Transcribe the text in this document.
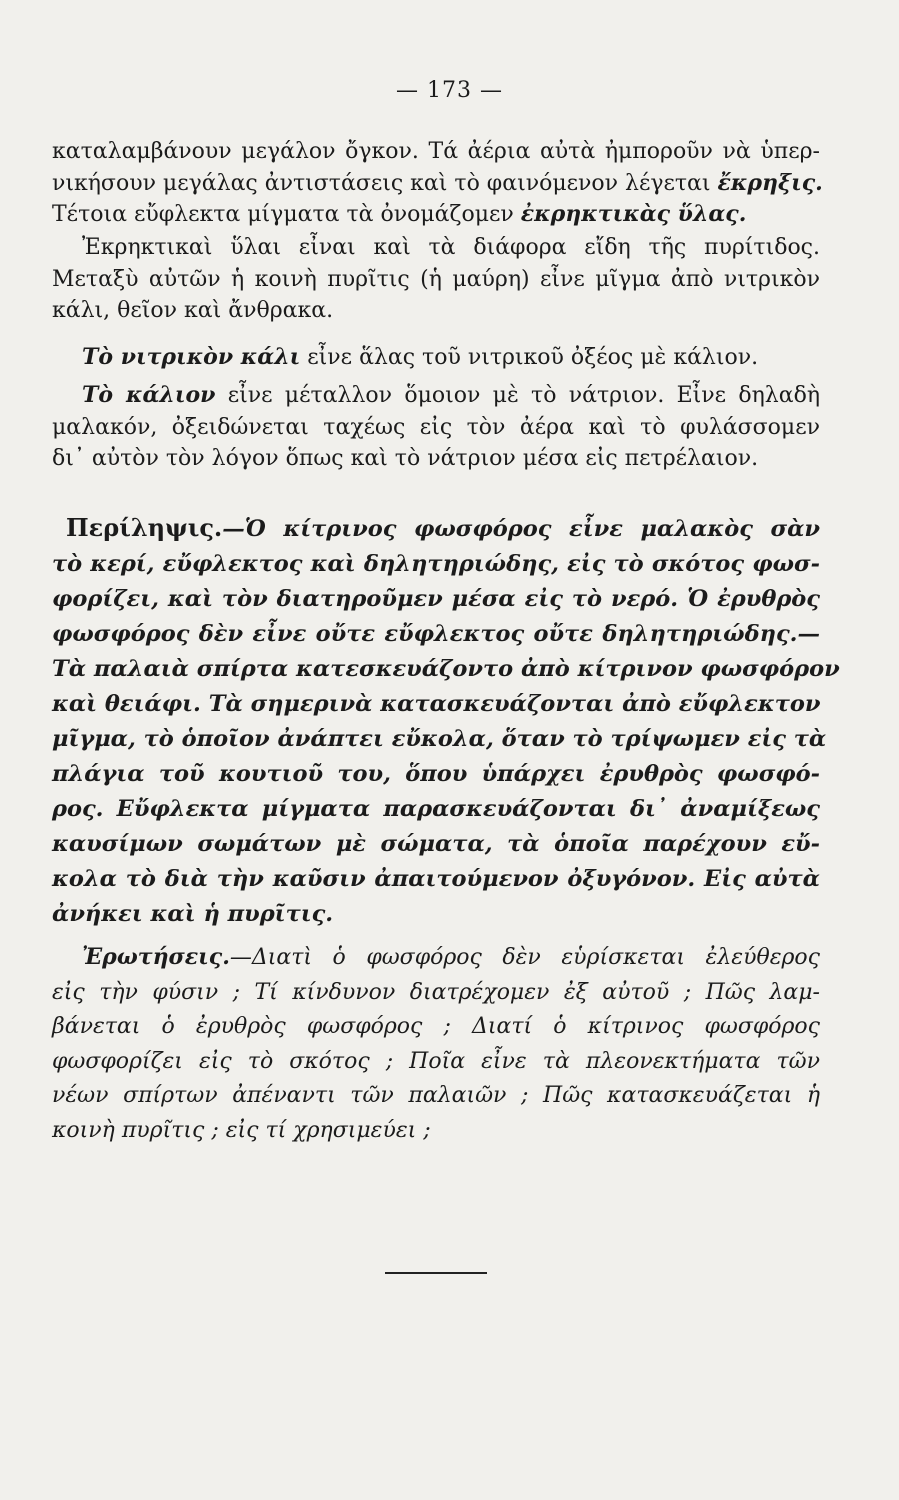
— 173 —
καταλαμβάνουν μεγάλον ὄγκον. Τά ἀέρια αὐτὰ ἠμποροῦν νὰ ὑπερ-
νικήσουν μεγάλας ἀντιστάσεις καὶ τὸ φαινόμενον λέγεται ἔκρηξις.
Τέτοια εὔφλεκτα μίγματα τὰ ὀνομάζομεν ἐκρηκτικὰς ὕλας.
Ἐκρηκτικαὶ ὕλαι εἶναι καὶ τὰ διάφορα εἴδη τῆς πυρίτιδος.
Μεταξὺ αὐτῶν ἡ κοινὴ πυρῖτις (ἡ μαύρη) εἶνε μῖγμα ἀπὸ νιτρικὸν
κάλι, θεῖον καὶ ἄνθρακα.
Τὸ νιτρικὸν κάλι εἶνε ἅλας τοῦ νιτρικοῦ ὀξέος μὲ κάλιον.
Τὸ κάλιον εἶνε μέταλλον ὅμοιον μὲ τὸ νάτριον. Εἶνε δηλαδὴ
μαλακόν, ὀξειδώνεται ταχέως εἰς τὸν ἀέρα καὶ τὸ φυλάσσομεν
δι᾽ αὐτὸν τὸν λόγον ὅπως καὶ τὸ νάτριον μέσα εἰς πετρέλαιον.
Περίληψις.—Ὁ κίτρινος φωσφόρος εἶνε μαλακὸς σὰν
τὸ κερί, εὔφλεκτος καὶ δηλητηριώδης, εἰς τὸ σκότος φωσ-
φορίζει, καὶ τὸν διατηροῦμεν μέσα εἰς τὸ νερό. Ὁ ἐρυθρὸς
φωσφόρος δὲν εἶνε οὔτε εὔφλεκτος οὔτε δηλητηριώδης.—
Τὰ παλαιὰ σπίρτα κατεσκευάζοντο ἀπὸ κίτρινον φωσφόρον
καὶ θειάφι. Τὰ σημερινὰ κατασκευάζονται ἀπὸ εὔφλεκτον
μῖγμα, τὸ ὁποῖον ἀνάπτει εὔκολα, ὅταν τὸ τρίψωμεν εἰς τὰ
πλάγια τοῦ κουτιοῦ του, ὅπου ὑπάρχει ἐρυθρὸς φωσφό-
ρος. Εὔφλεκτα μίγματα παρασκευάζονται δι᾽ ἀναμίξεως
καυσίμων σωμάτων μὲ σώματα, τὰ ὁποῖα παρέχουν εὔ-
κολα τὸ διὰ τὴν καῦσιν ἀπαιτούμενον ὀξυγόνον. Εἰς αὐτὰ
ἀνήκει καὶ ἡ πυρῖτις.
Ἐρωτήσεις.—Διατὶ ὁ φωσφόρος δὲν εὑρίσκεται ἐλεύθερος
εἰς τὴν φύσιν ; Τί κίνδυνον διατρέχομεν ἐξ αὐτοῦ ; Πῶς λαμ-
βάνεται ὁ ἐρυθρὸς φωσφόρος ; Διατί ὁ κίτρινος φωσφόρος
φωσφορίζει εἰς τὸ σκότος ; Ποῖα εἶνε τὰ πλεονεκτήματα τῶν
νέων σπίρτων ἀπέναντι τῶν παλαιῶν ; Πῶς κατασκευάζεται ἡ
κοινὴ πυρῖτις ; εἰς τί χρησιμεύει ;
